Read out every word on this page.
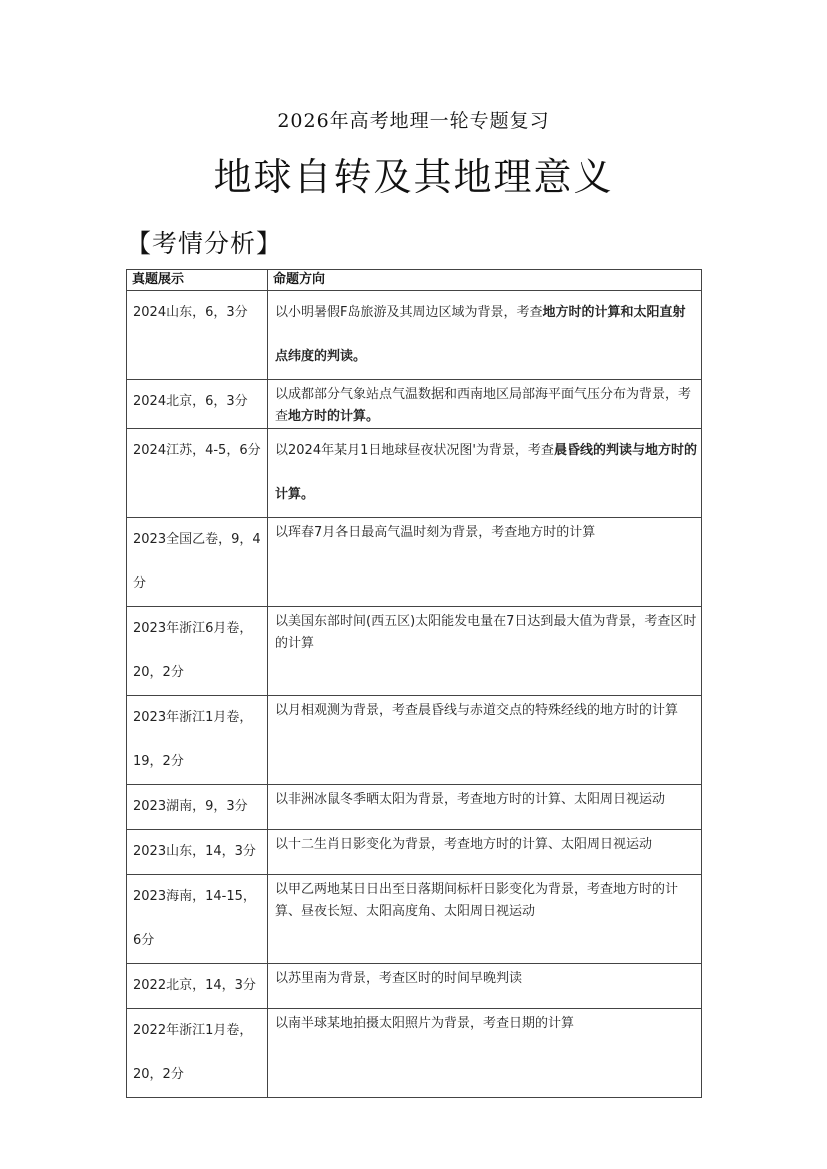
2026年高考地理一轮专题复习
地球自转及其地理意义
【考情分析】
真题展示	命题方向
2024山东，6，3分	以小明暑假F岛旅游及其周边区域为背景，考查地方时的计算和太阳直射点纬度的判读。
2024北京，6，3分	以成都部分气象站点气温数据和西南地区局部海平面气压分布为背景，考查地方时的计算。
2024江苏，4-5，6分	以2024年某月1日地球昼夜状况图'为背景，考查晨昏线的判读与地方时的计算。
2023全国乙卷，9，4分	以珲春7月各日最高气温时刻为背景，考查地方时的计算
2023年浙江6月卷，20，2分	以美国东部时间(西五区)太阳能发电量在7日达到最大值为背景，考查区时的计算
2023年浙江1月卷，19，2分	以月相观测为背景，考查晨昏线与赤道交点的特殊经线的地方时的计算
2023湖南，9，3分	以非洲冰鼠冬季晒太阳为背景，考查地方时的计算、太阳周日视运动
2023山东，14，3分	以十二生肖日影变化为背景，考查地方时的计算、太阳周日视运动
2023海南，14-15，6分	以甲乙两地某日日出至日落期间标杆日影变化为背景，考查地方时的计算、昼夜长短、太阳高度角、太阳周日视运动
2022北京，14，3分	以苏里南为背景，考查区时的时间早晚判读
2022年浙江1月卷，20，2分	以南半球某地拍摄太阳照片为背景，考查日期的计算
